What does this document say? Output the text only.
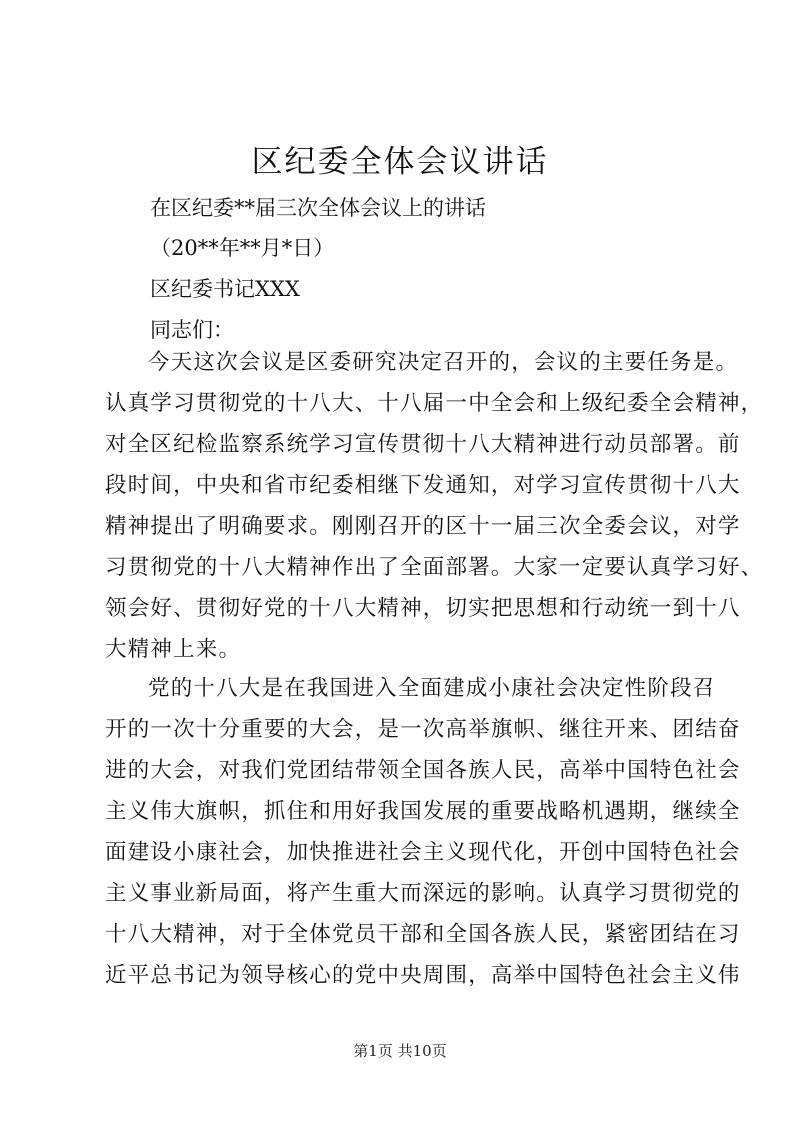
区纪委全体会议讲话
在区纪委**届三次全体会议上的讲话
（20**年**月*日）
区纪委书记XXX
同志们：
今天这次会议是区委研究决定召开的，会议的主要任务是。
认真学习贯彻党的十八大、十八届一中全会和上级纪委全会精神，
对全区纪检监察系统学习宣传贯彻十八大精神进行动员部署。前
段时间，中央和省市纪委相继下发通知，对学习宣传贯彻十八大
精神提出了明确要求。刚刚召开的区十一届三次全委会议，对学
习贯彻党的十八大精神作出了全面部署。大家一定要认真学习好、
领会好、贯彻好党的十八大精神，切实把思想和行动统一到十八
大精神上来。
党的十八大是在我国进入全面建成小康社会决定性阶段召
开的一次十分重要的大会，是一次高举旗帜、继往开来、团结奋
进的大会，对我们党团结带领全国各族人民，高举中国特色社会
主义伟大旗帜，抓住和用好我国发展的重要战略机遇期，继续全
面建设小康社会，加快推进社会主义现代化，开创中国特色社会
主义事业新局面，将产生重大而深远的影响。认真学习贯彻党的
十八大精神，对于全体党员干部和全国各族人民，紧密团结在习
近平总书记为领导核心的党中央周围，高举中国特色社会主义伟
第1页 共10页
